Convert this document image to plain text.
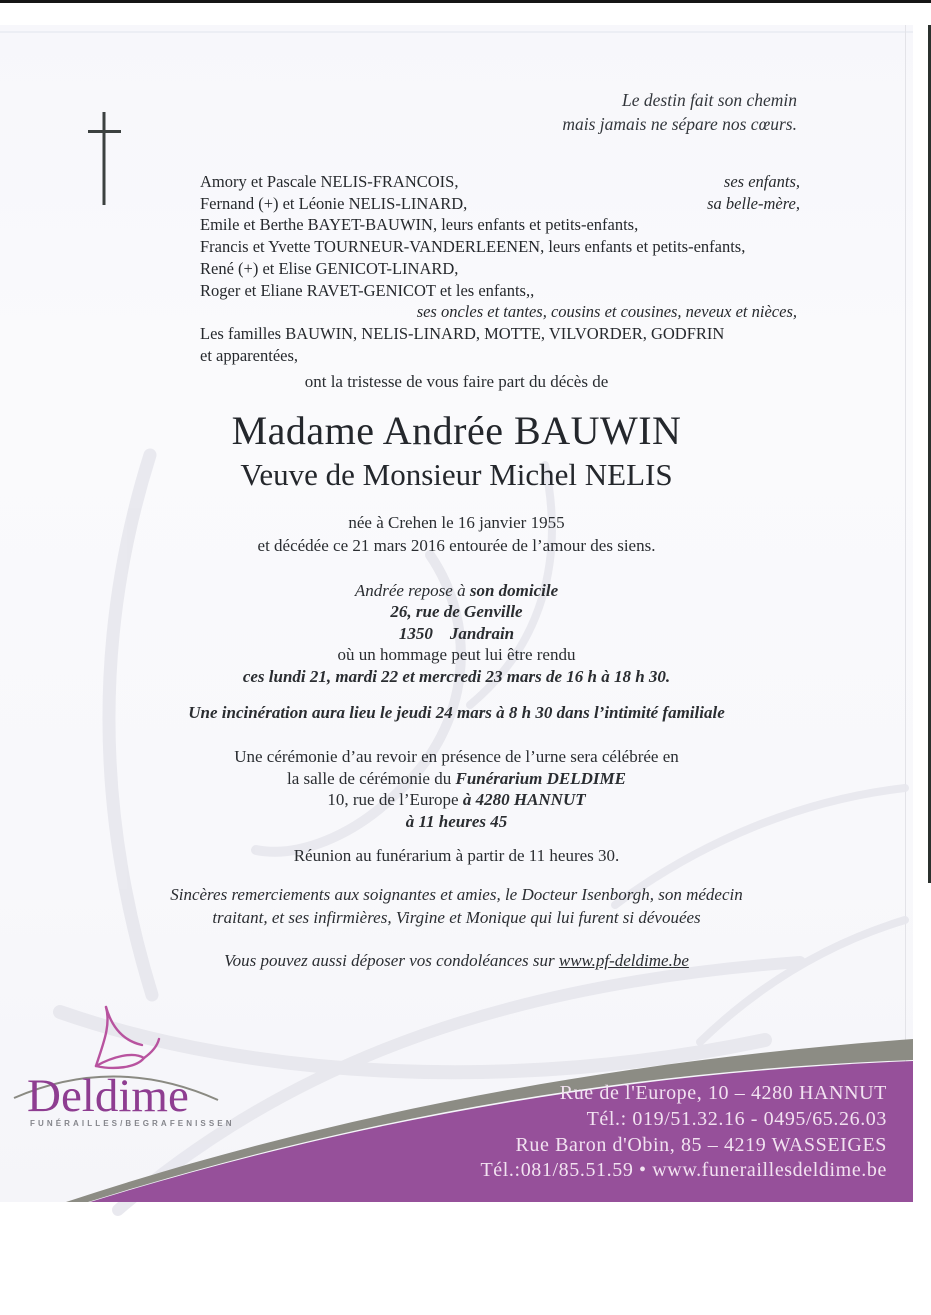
Le destin fait son chemin
mais jamais ne sépare nos cœurs.
Amory et Pascale NELIS-FRANCOIS,	ses enfants,
Fernand (+) et Léonie NELIS-LINARD,	sa belle-mère,
Emile et Berthe BAYET-BAUWIN, leurs enfants et petits-enfants,
Francis et Yvette TOURNEUR-VANDERLEENEN, leurs enfants et petits-enfants,
René (+) et Elise GENICOT-LINARD,
Roger et Eliane RAVET-GENICOT et les enfants,,
ses oncles et tantes, cousins et cousines, neveux et nièces,
Les familles BAUWIN, NELIS-LINARD, MOTTE, VILVORDER, GODFRIN
et apparentées,
ont la tristesse de vous faire part du décès de
Madame Andrée BAUWIN
Veuve de Monsieur Michel NELIS
née à Crehen le 16 janvier 1955
et décédée ce 21 mars 2016 entourée de l’amour des siens.
Andrée repose à son domicile
26, rue de Genville
1350    Jandrain
où un hommage peut lui être rendu
ces lundi 21, mardi 22 et mercredi 23 mars de 16 h à 18 h 30.
Une incinération aura lieu le jeudi 24 mars à 8 h 30 dans l’intimité familiale
Une cérémonie d’au revoir en présence de l’urne sera célébrée en
la salle de cérémonie du Funérarium DELDIME
10, rue de l’Europe à 4280 HANNUT
à 11 heures 45
Réunion au funérarium à partir de 11 heures 30.
Sincères remerciements aux soignantes et amies, le Docteur Isenborgh, son médecin
traitant, et ses infirmières, Virgine et Monique qui lui furent si dévouées
Vous pouvez aussi déposer vos condoléances sur www.pf-deldime.be
Deldime
FUNÉRAILLES/BEGRAFENISSEN
Rue de l'Europe, 10 – 4280 HANNUT
Tél.: 019/51.32.16 - 0495/65.26.03
Rue Baron d'Obin, 85 – 4219 WASSEIGES
Tél.:081/85.51.59 • www.funeraillesdeldime.be
